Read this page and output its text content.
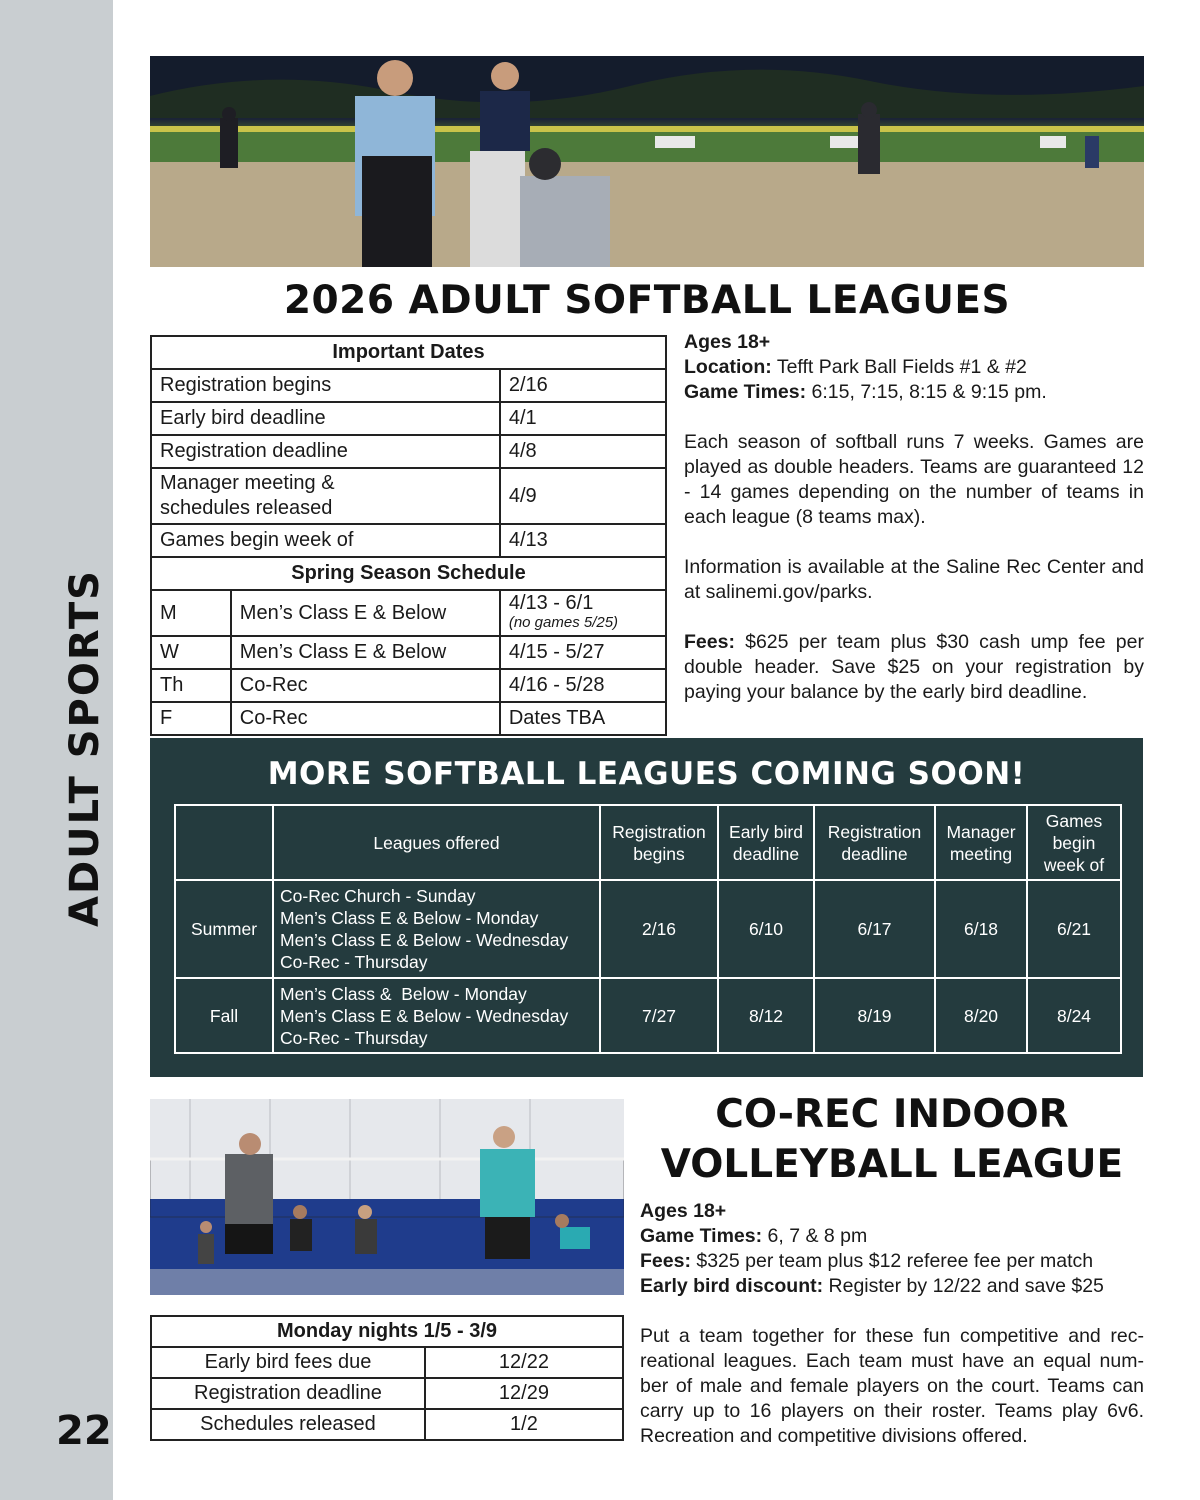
ADULT SPORTS
22
2026 ADULT SOFTBALL LEAGUES
Important Dates		
Registration begins		2/16
Early bird deadline		4/1
Registration deadline		4/8

Manager meeting & schedules released		4/9
Games begin week of		4/13
Spring Season Schedule		
M	Men’s Class E & Below	4/13 - 6/1
(no games 5/25)

W	Men’s Class E & Below	4/15 - 5/27
Th	Co-Rec	4/16 - 5/28
F	Co-Rec	Dates TBA

Ages 18+
Location: Tefft Park Ball Fields #1 & #2
Game Times: 6:15, 7:15, 8:15 & 9:15 pm.

Each season of softball runs 7 weeks. Games are played as double headers. Teams are guaranteed 12 - 14 games depending on the number of teams in each league (8 teams max).

Information is available at the Saline Rec Center and at salinemi.gov/parks.

Fees: $625 per team plus $30 cash ump fee per double header. Save $25 on your registration by paying your balance by the early bird deadline.

MORE SOFTBALL LEAGUES COMING SOON!
	Leagues offered	Registration begins	Early bird deadline	Registration deadline	Manager meeting	Games begin week of
Summer	Co-Rec Church - Sunday
Men’s Class E & Below - Monday
Men’s Class E & Below - Wednesday
Co-Rec - Thursday	2/16	6/10	6/17	6/18	6/21
Fall	Men’s Class &  Below - Monday
Men’s Class E & Below - Wednesday
Co-Rec - Thursday	7/27	8/12	8/19	8/20	8/24
CO-REC INDOOR
VOLLEYBALL LEAGUE

Ages 18+
Game Times: 6, 7 & 8 pm
Fees: $325 per team plus $12 referee fee per match
Early bird discount: Register by 12/22 and save $25

Put a team together for these fun competitive and rec-reational leagues. Each team must have an equal num-ber of male and female players on the court. Teams can carry up to 16 players on their roster. Teams play 6v6. Recreation and competitive divisions offered.

Monday nights 1/5 - 3/9	
Early bird fees due	12/22
Registration deadline	12/29
Schedules released	1/2
